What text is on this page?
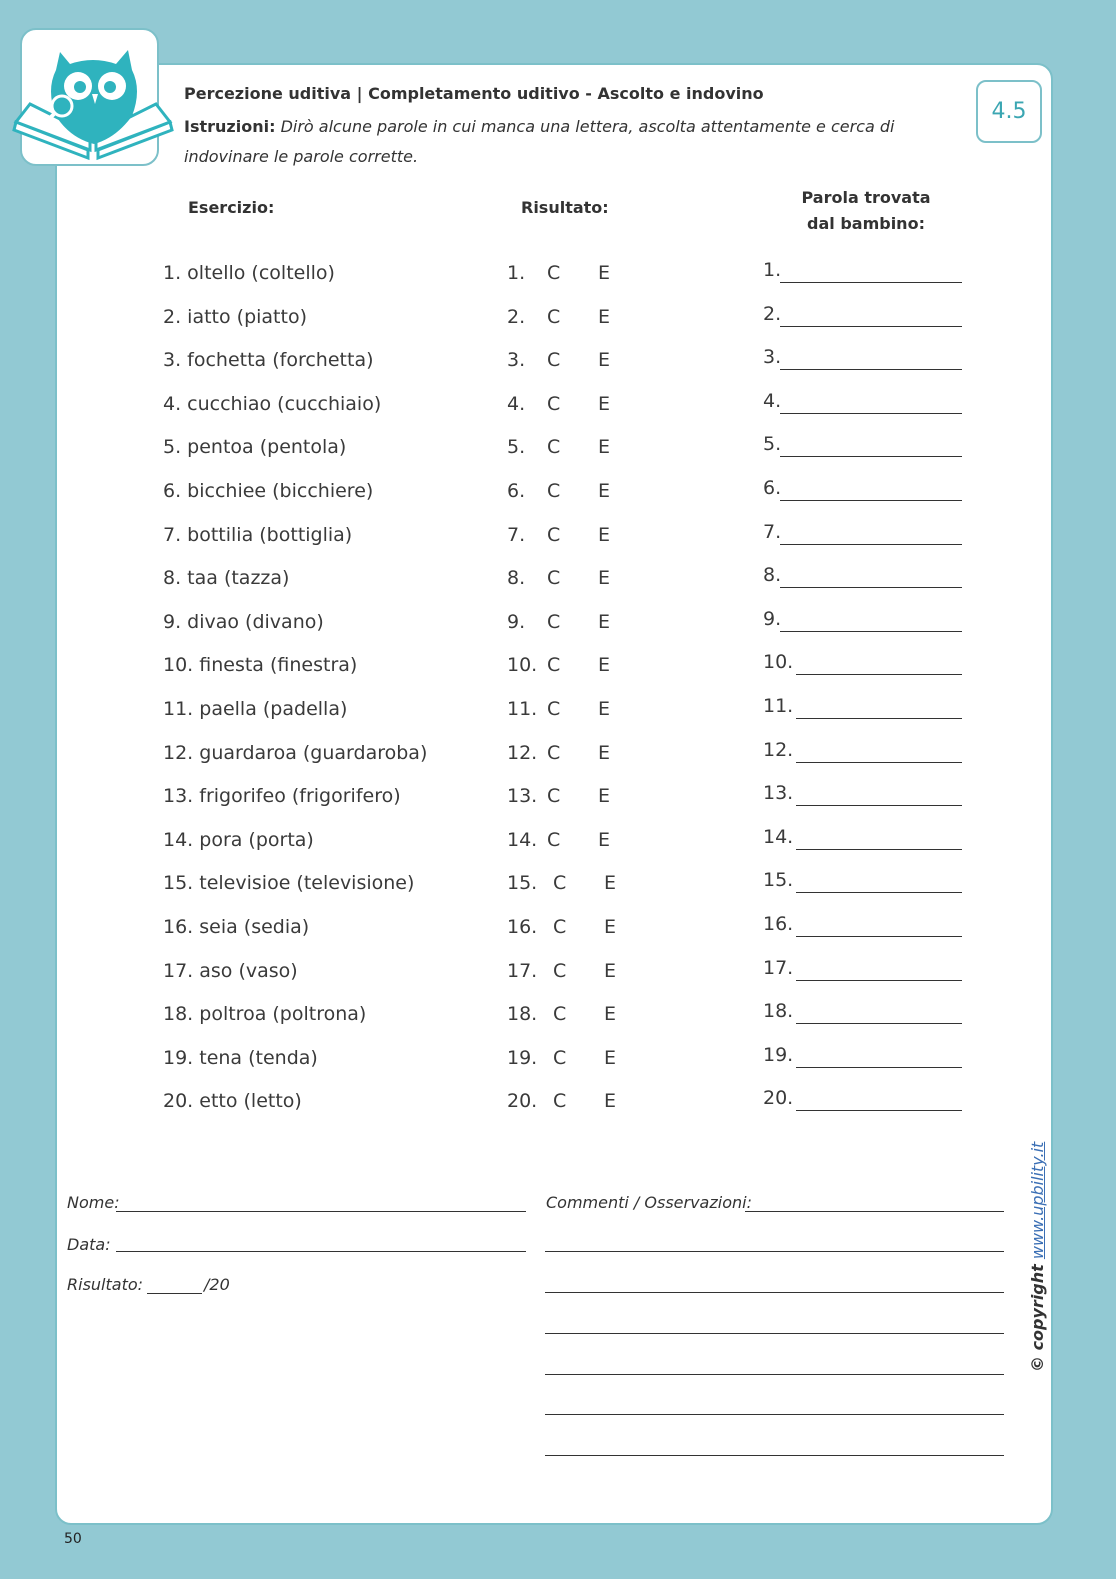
4.5
Percezione uditiva | Completamento uditivo - Ascolto e indovino
Istruzioni: Dirò alcune parole in cui manca una lettera, ascolta attentamente e cerca di indovinare le parole corrette.
Esercizio:	Risultato:
Parola trovata
dal bambino:
1. oltello (coltello)	1. C E	1.
2. iatto (piatto)	2. C E	2.
3. fochetta (forchetta)	3. C E	3.
4. cucchiao (cucchiaio)	4. C E	4.
5. pentoa (pentola)	5. C E	5.
6. bicchiee (bicchiere)	6. C E	6.
7. bottilia (bottiglia)	7. C E	7.
8. taa (tazza)	8. C E	8.
9. divao (divano)	9. C E	9.
10. finesta (finestra)	10. C E	10.
11. paella (padella)	11. C E	11.
12. guardaroa (guardaroba)	12. C E	12.
13. frigorifeo (frigorifero)	13. C E	13.
14. pora (porta)	14. C E	14.
15. televisioe (televisione)	15. C E	15.
16. seia (sedia)	16. C E	16.
17. aso (vaso)	17. C E	17.
18. poltroa (poltrona)	18. C E	18.
19. tena (tenda)	19. C E	19.
20. etto (letto)	20. C E	20.
Nome:
Data:
Risultato:	/20
Commenti / Osservazioni:
© copyright www.upbility.it
50
